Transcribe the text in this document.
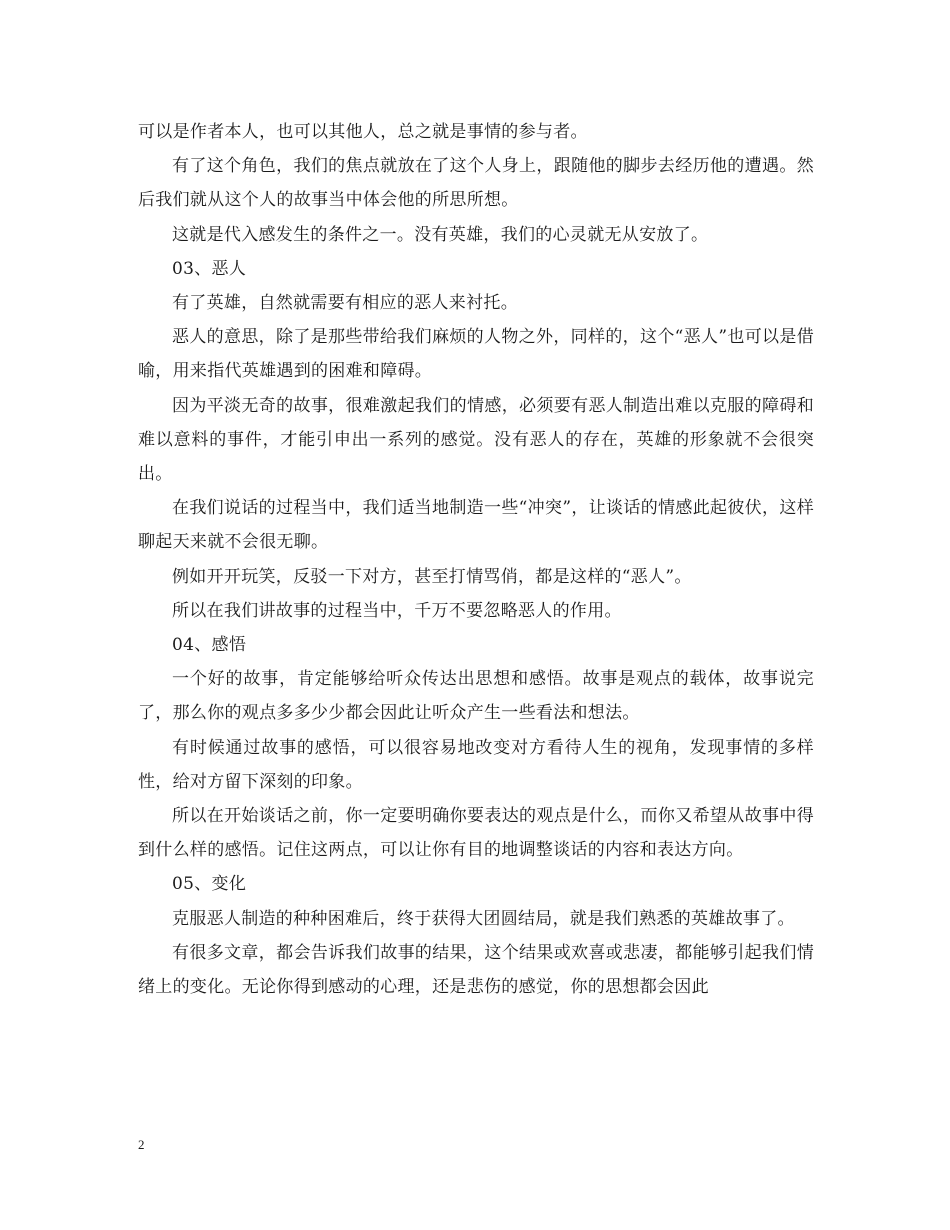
可以是作者本人，也可以其他人，总之就是事情的参与者。

有了这个角色，我们的焦点就放在了这个人身上，跟随他的脚步去经历他的遭遇。然后我们就从这个人的故事当中体会他的所思所想。

这就是代入感发生的条件之一。没有英雄，我们的心灵就无从安放了。

03、恶人

有了英雄，自然就需要有相应的恶人来衬托。

恶人的意思，除了是那些带给我们麻烦的人物之外，同样的，这个“恶人”也可以是借喻，用来指代英雄遇到的困难和障碍。

因为平淡无奇的故事，很难激起我们的情感，必须要有恶人制造出难以克服的障碍和难以意料的事件，才能引申出一系列的感觉。没有恶人的存在，英雄的形象就不会很突出。

在我们说话的过程当中，我们适当地制造一些“冲突”，让谈话的情感此起彼伏，这样聊起天来就不会很无聊。

例如开开玩笑，反驳一下对方，甚至打情骂俏，都是这样的“恶人”。

所以在我们讲故事的过程当中，千万不要忽略恶人的作用。

04、感悟

一个好的故事，肯定能够给听众传达出思想和感悟。故事是观点的载体，故事说完了，那么你的观点多多少少都会因此让听众产生一些看法和想法。

有时候通过故事的感悟，可以很容易地改变对方看待人生的视角，发现事情的多样性，给对方留下深刻的印象。

所以在开始谈话之前，你一定要明确你要表达的观点是什么，而你又希望从故事中得到什么样的感悟。记住这两点，可以让你有目的地调整谈话的内容和表达方向。

05、变化

克服恶人制造的种种困难后，终于获得大团圆结局，就是我们熟悉的英雄故事了。

有很多文章，都会告诉我们故事的结果，这个结果或欢喜或悲凄，都能够引起我们情绪上的变化。无论你得到感动的心理，还是悲伤的感觉，你的思想都会因此

2
